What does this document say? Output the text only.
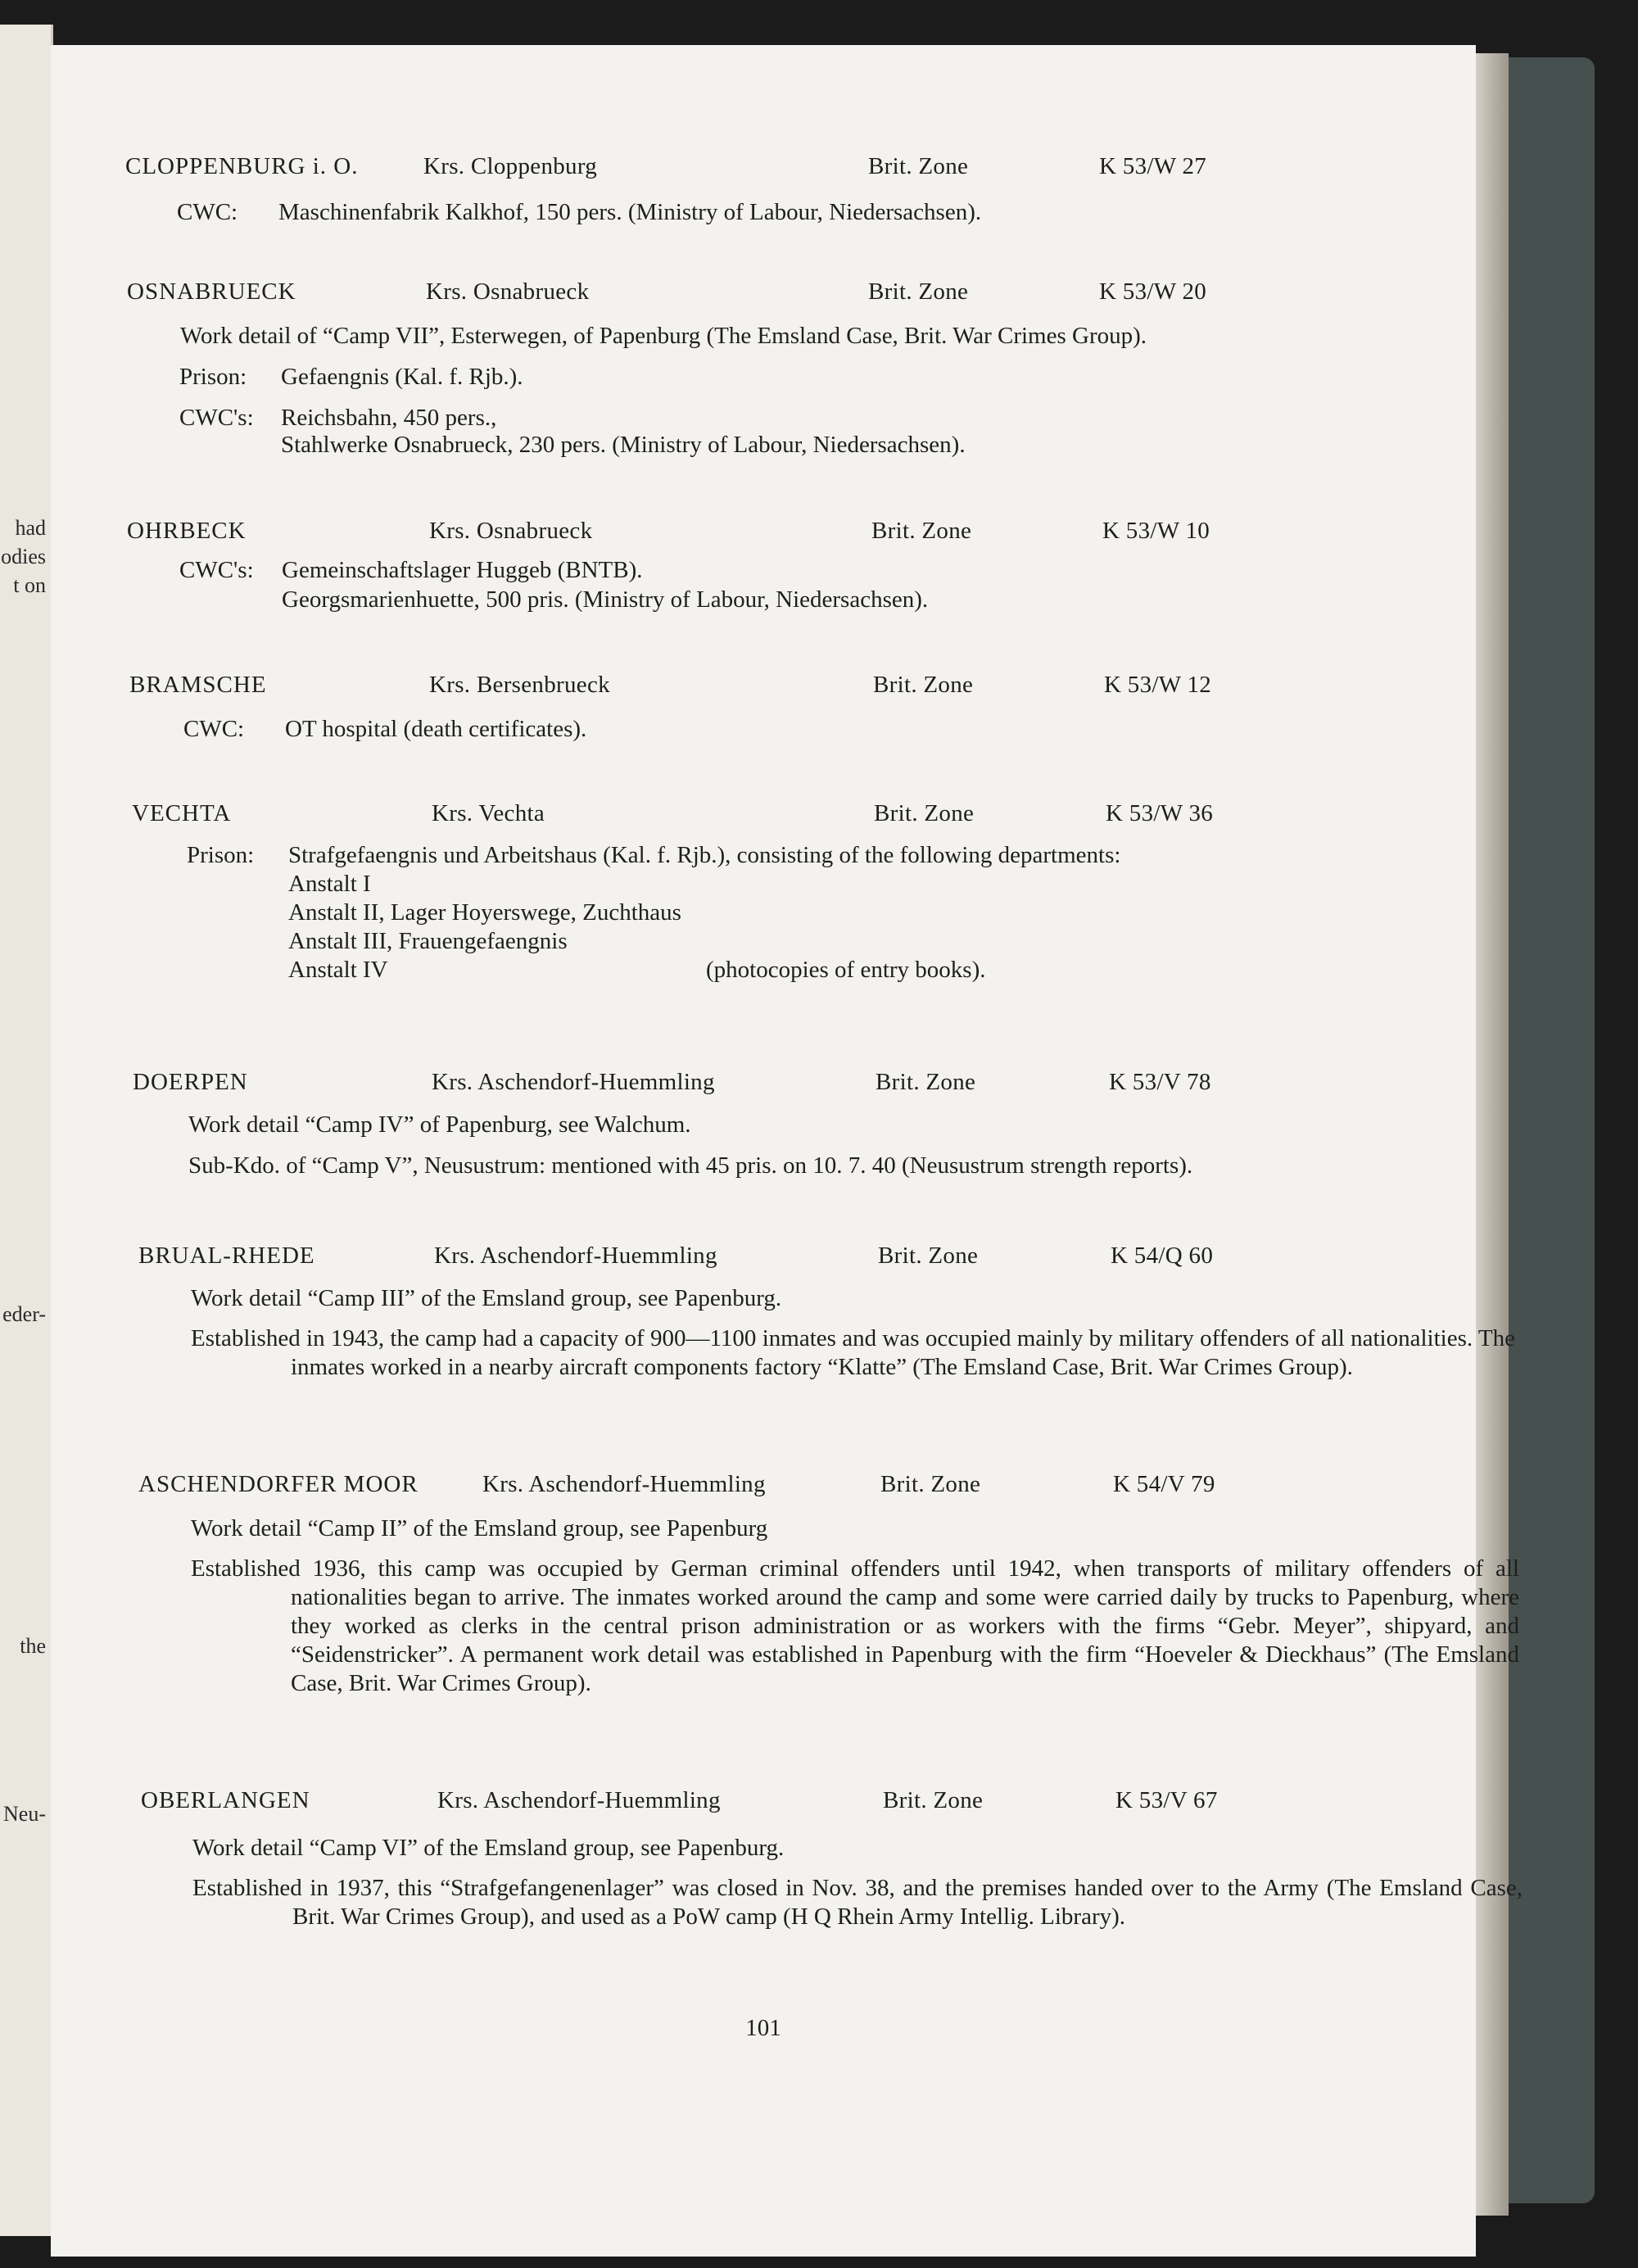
had
odies
t on
eder-
the
Neu-
CLOPPENBURG i. O.	Krs. Cloppenburg	Brit. Zone	K 53/W 27
CWC: Maschinenfabrik Kalkhof, 150 pers. (Ministry of Labour, Niedersachsen).
OSNABRUECK	Krs. Osnabrueck	Brit. Zone	K 53/W 20
Work detail of “Camp VII”, Esterwegen, of Papenburg (The Emsland Case, Brit. War Crimes Group).
Prison: Gefaengnis (Kal. f. Rjb.).
CWC's: Reichsbahn, 450 pers.,
Stahlwerke Osnabrueck, 230 pers. (Ministry of Labour, Niedersachsen).
OHRBECK	Krs. Osnabrueck	Brit. Zone	K 53/W 10
CWC's: Gemeinschaftslager Huggeb (BNTB).
Georgsmarienhuette, 500 pris. (Ministry of Labour, Niedersachsen).
BRAMSCHE	Krs. Bersenbrueck	Brit. Zone	K 53/W 12
CWC: OT hospital (death certificates).
VECHTA	Krs. Vechta	Brit. Zone	K 53/W 36
Prison: Strafgefaengnis und Arbeitshaus (Kal. f. Rjb.), consisting of the following departments:
Anstalt I
Anstalt II, Lager Hoyerswege, Zuchthaus
Anstalt III, Frauengefaengnis
Anstalt IV	(photocopies of entry books).
DOERPEN	Krs. Aschendorf-Huemmling	Brit. Zone	K 53/V 78
Work detail “Camp IV” of Papenburg, see Walchum.
Sub-Kdo. of “Camp V”, Neusustrum: mentioned with 45 pris. on 10. 7. 40 (Neusustrum strength reports).
BRUAL-RHEDE	Krs. Aschendorf-Huemmling	Brit. Zone	K 54/Q 60
Work detail “Camp III” of the Emsland group, see Papenburg.
Established in 1943, the camp had a capacity of 900—1100 inmates and was occupied mainly by military offenders of all nationalities. The inmates worked in a nearby aircraft components factory “Klatte” (The Emsland Case, Brit. War Crimes Group).
ASCHENDORFER MOOR	Krs. Aschendorf-Huemmling	Brit. Zone	K 54/V 79
Work detail “Camp II” of the Emsland group, see Papenburg
Established 1936, this camp was occupied by German criminal offenders until 1942, when transports of military offenders of all nationalities began to arrive. The inmates worked around the camp and some were carried daily by trucks to Papenburg, where they worked as clerks in the central prison administration or as workers with the firms “Gebr. Meyer”, shipyard, and “Seidenstricker”. A permanent work detail was established in Papenburg with the firm “Hoeveler & Dieckhaus” (The Emsland Case, Brit. War Crimes Group).
OBERLANGEN	Krs. Aschendorf-Huemmling	Brit. Zone	K 53/V 67
Work detail “Camp VI” of the Emsland group, see Papenburg.
Established in 1937, this “Strafgefangenenlager” was closed in Nov. 38, and the premises handed over to the Army (The Emsland Case, Brit. War Crimes Group), and used as a PoW camp (H Q Rhein Army Intellig. Library).
101
